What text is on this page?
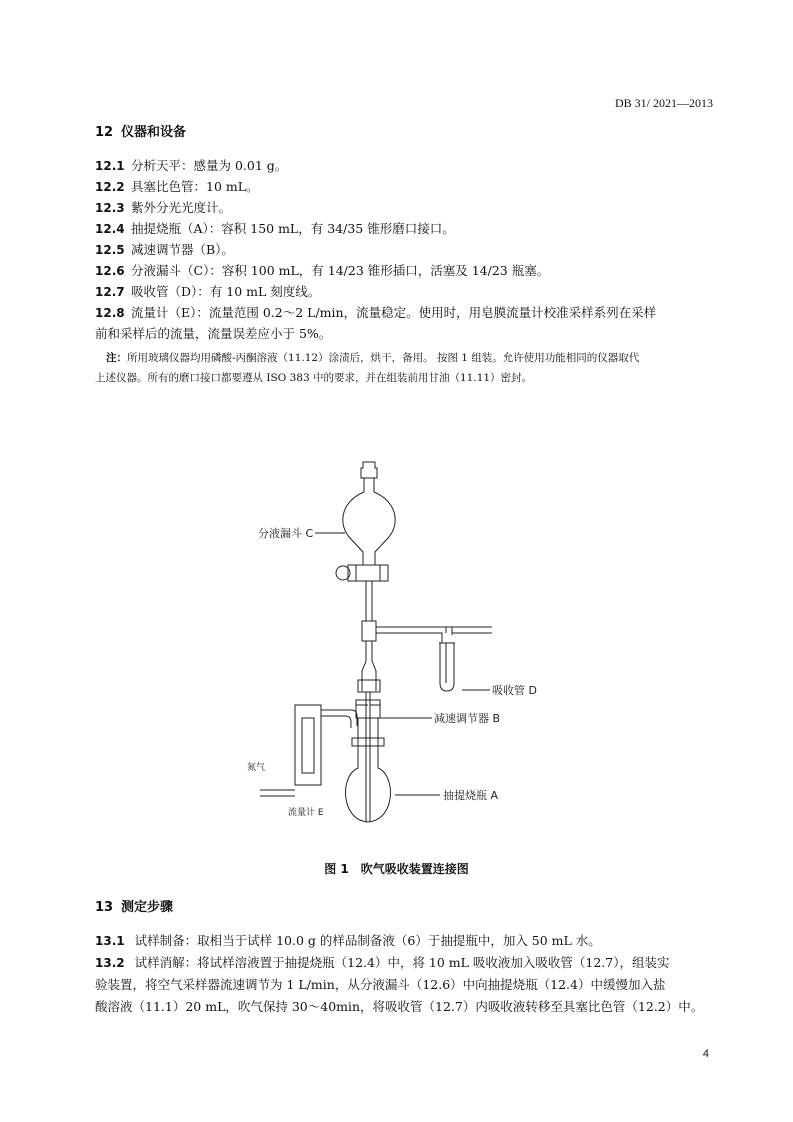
DB 31/ 2021—2013
12 仪器和设备
12.1 分析天平：感量为 0.01 g。
12.2 具塞比色管：10 mL。
12.3 紫外分光光度计。
12.4 抽提烧瓶（A）：容积 150 mL，有 34/35 锥形磨口接口。
12.5 减速调节器（B）。
12.6 分液漏斗（C）：容积 100 mL，有 14/23 锥形插口，活塞及 14/23 瓶塞。
12.7 吸收管（D）：有 10 mL 刻度线。
12.8 流量计（E）：流量范围 0.2～2 L/min，流量稳定。使用时，用皂膜流量计校准采样系列在采样
前和采样后的流量，流量误差应小于 5%。
注：所用玻璃仪器均用磷酸-丙酮溶液（11.12）涂渍后，烘干，备用。 按图 1 组装。允许使用功能相同的仪器取代
上述仪器。所有的磨口接口都要遵从 ISO 383 中的要求，并在组装前用甘油（11.11）密封。
分液漏斗 C
吸收管 D
减速调节器 B
抽提烧瓶 A
氮气
流量计 E
图 1 吹气吸收装置连接图
13 测定步骤
13.1 试样制备：取相当于试样 10.0 g 的样品制备液（6）于抽提瓶中，加入 50 mL 水。
13.2 试样消解：将试样溶液置于抽提烧瓶（12.4）中，将 10 mL 吸收液加入吸收管（12.7），组装实
验装置，将空气采样器流速调节为 1 L/min，从分液漏斗（12.6）中向抽提烧瓶（12.4）中缓慢加入盐
酸溶液（11.1）20 mL，吹气保持 30～40min，将吸收管（12.7）内吸收液转移至具塞比色管（12.2）中。
4
